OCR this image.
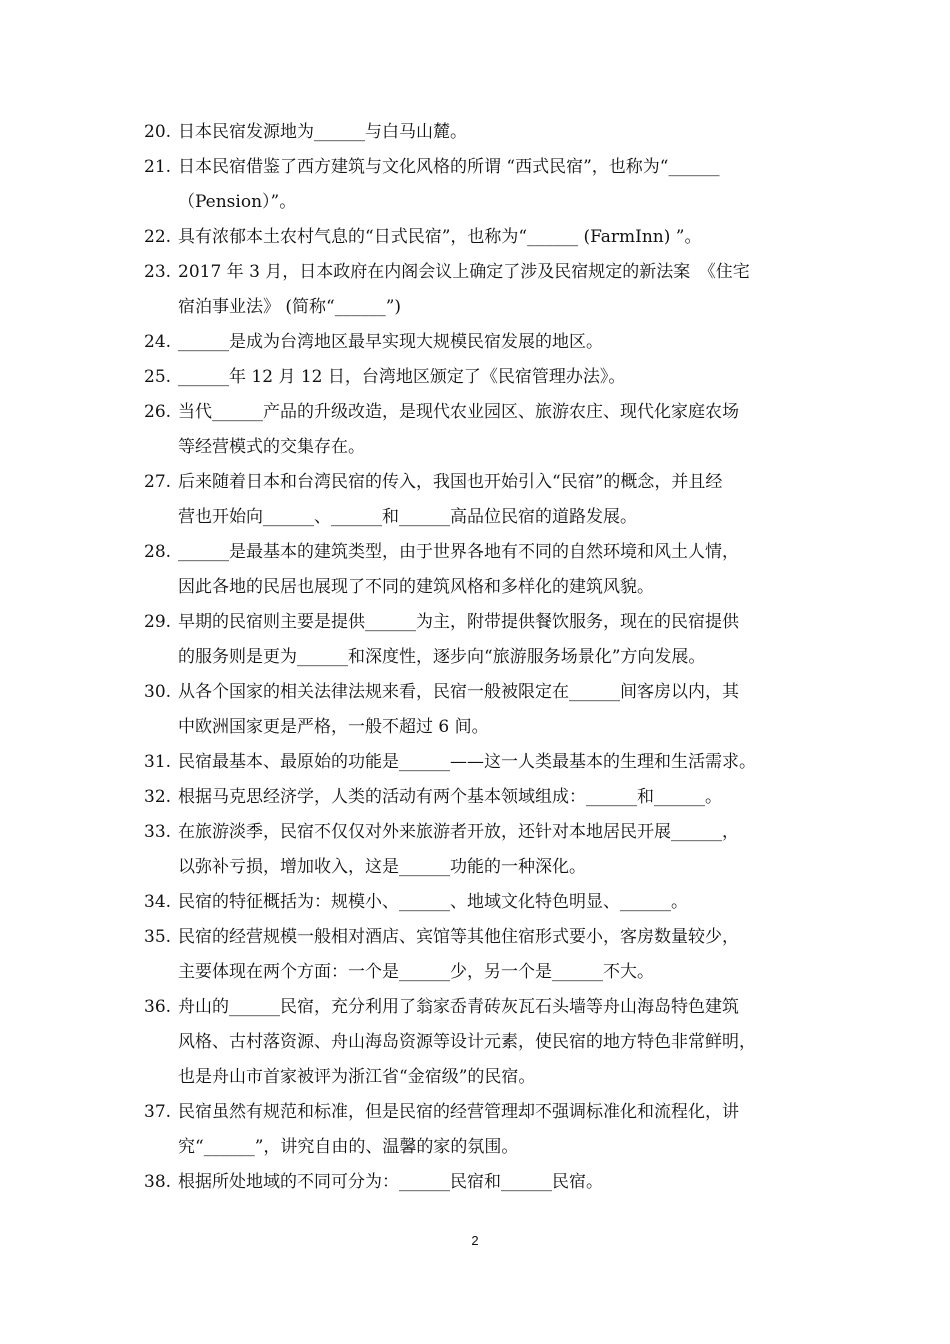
20. 日本民宿发源地为______与白马山麓。
21. 日本民宿借鉴了西方建筑与文化风格的所谓 “西式民宿”，也称为“______
（Pension）”。
22. 具有浓郁本土农村气息的“日式民宿”，也称为“______ (FarmInn) ”。
23. 2017 年 3 月，日本政府在内阁会议上确定了涉及民宿规定的新法案　《住宅
宿泊事业法》 (简称“______”)
24. ______是成为台湾地区最早实现大规模民宿发展的地区。
25. ______年 12 月 12 日，台湾地区颁定了《民宿管理办法》。
26. 当代______产品的升级改造，是现代农业园区、旅游农庄、现代化家庭农场
等经营模式的交集存在。
27. 后来随着日本和台湾民宿的传入，我国也开始引入“民宿”的概念，并且经
营也开始向______、______和______高品位民宿的道路发展。
28. ______是最基本的建筑类型，由于世界各地有不同的自然环境和风土人情，
因此各地的民居也展现了不同的建筑风格和多样化的建筑风貌。
29. 早期的民宿则主要是提供______为主，附带提供餐饮服务，现在的民宿提供
的服务则是更为______和深度性，逐步向“旅游服务场景化”方向发展。
30. 从各个国家的相关法律法规来看，民宿一般被限定在______间客房以内，其
中欧洲国家更是严格，一般不超过 6 间。
31. 民宿最基本、最原始的功能是______——这一人类最基本的生理和生活需求。
32. 根据马克思经济学，人类的活动有两个基本领域组成：______和______。
33. 在旅游淡季，民宿不仅仅对外来旅游者开放，还针对本地居民开展______，
以弥补亏损，增加收入，这是______功能的一种深化。
34. 民宿的特征概括为：规模小、______、地域文化特色明显、______。
35. 民宿的经营规模一般相对酒店、宾馆等其他住宿形式要小，客房数量较少，
主要体现在两个方面：一个是______少，另一个是______不大。
36. 舟山的______民宿，充分利用了翁家岙青砖灰瓦石头墙等舟山海岛特色建筑
风格、古村落资源、舟山海岛资源等设计元素，使民宿的地方特色非常鲜明，
也是舟山市首家被评为浙江省“金宿级”的民宿。
37. 民宿虽然有规范和标准，但是民宿的经营管理却不强调标准化和流程化，讲
究“______”，讲究自由的、温馨的家的氛围。
38. 根据所处地域的不同可分为：______民宿和______民宿。
2
